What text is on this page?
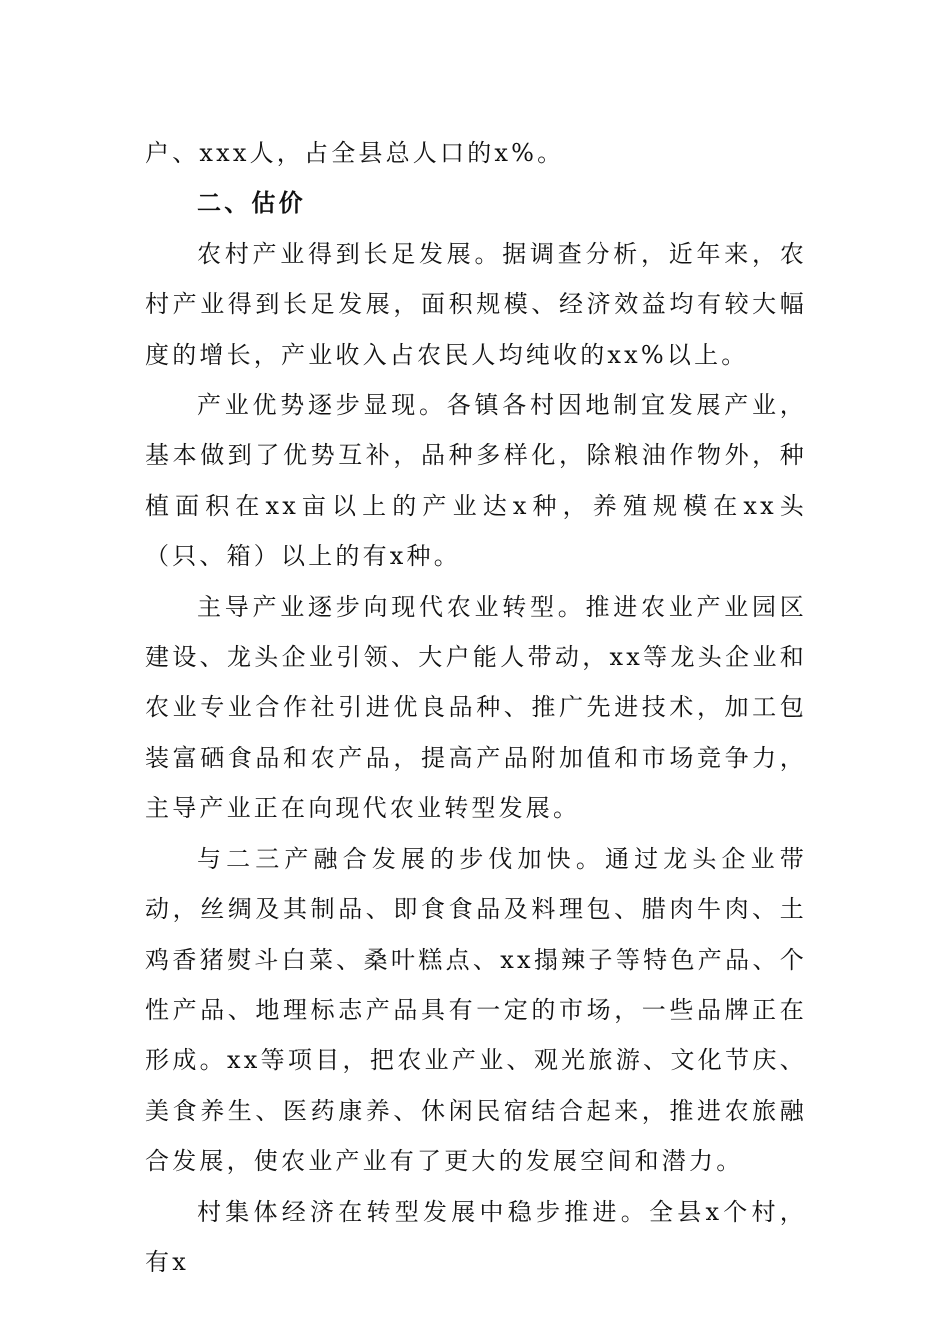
户、xxx人，占全县总人口的x%。

二、估价

农村产业得到长足发展。据调查分析，近年来，农村产业得到长足发展，面积规模、经济效益均有较大幅度的增长，产业收入占农民人均纯收的xx%以上。

产业优势逐步显现。各镇各村因地制宜发展产业，基本做到了优势互补，品种多样化，除粮油作物外，种植面积在xx亩以上的产业达x种，养殖规模在xx头（只、箱）以上的有x种。

主导产业逐步向现代农业转型。推进农业产业园区建设、龙头企业引领、大户能人带动，xx等龙头企业和农业专业合作社引进优良品种、推广先进技术，加工包装富硒食品和农产品，提高产品附加值和市场竞争力，主导产业正在向现代农业转型发展。

与二三产融合发展的步伐加快。通过龙头企业带动，丝绸及其制品、即食食品及料理包、腊肉牛肉、土鸡香猪熨斗白菜、桑叶糕点、xx搨辣子等特色产品、个性产品、地理标志产品具有一定的市场，一些品牌正在形成。xx等项目，把农业产业、观光旅游、文化节庆、美食养生、医药康养、休闲民宿结合起来，推进农旅融合发展，使农业产业有了更大的发展空间和潜力。

村集体经济在转型发展中稳步推进。全县x个村，有x
